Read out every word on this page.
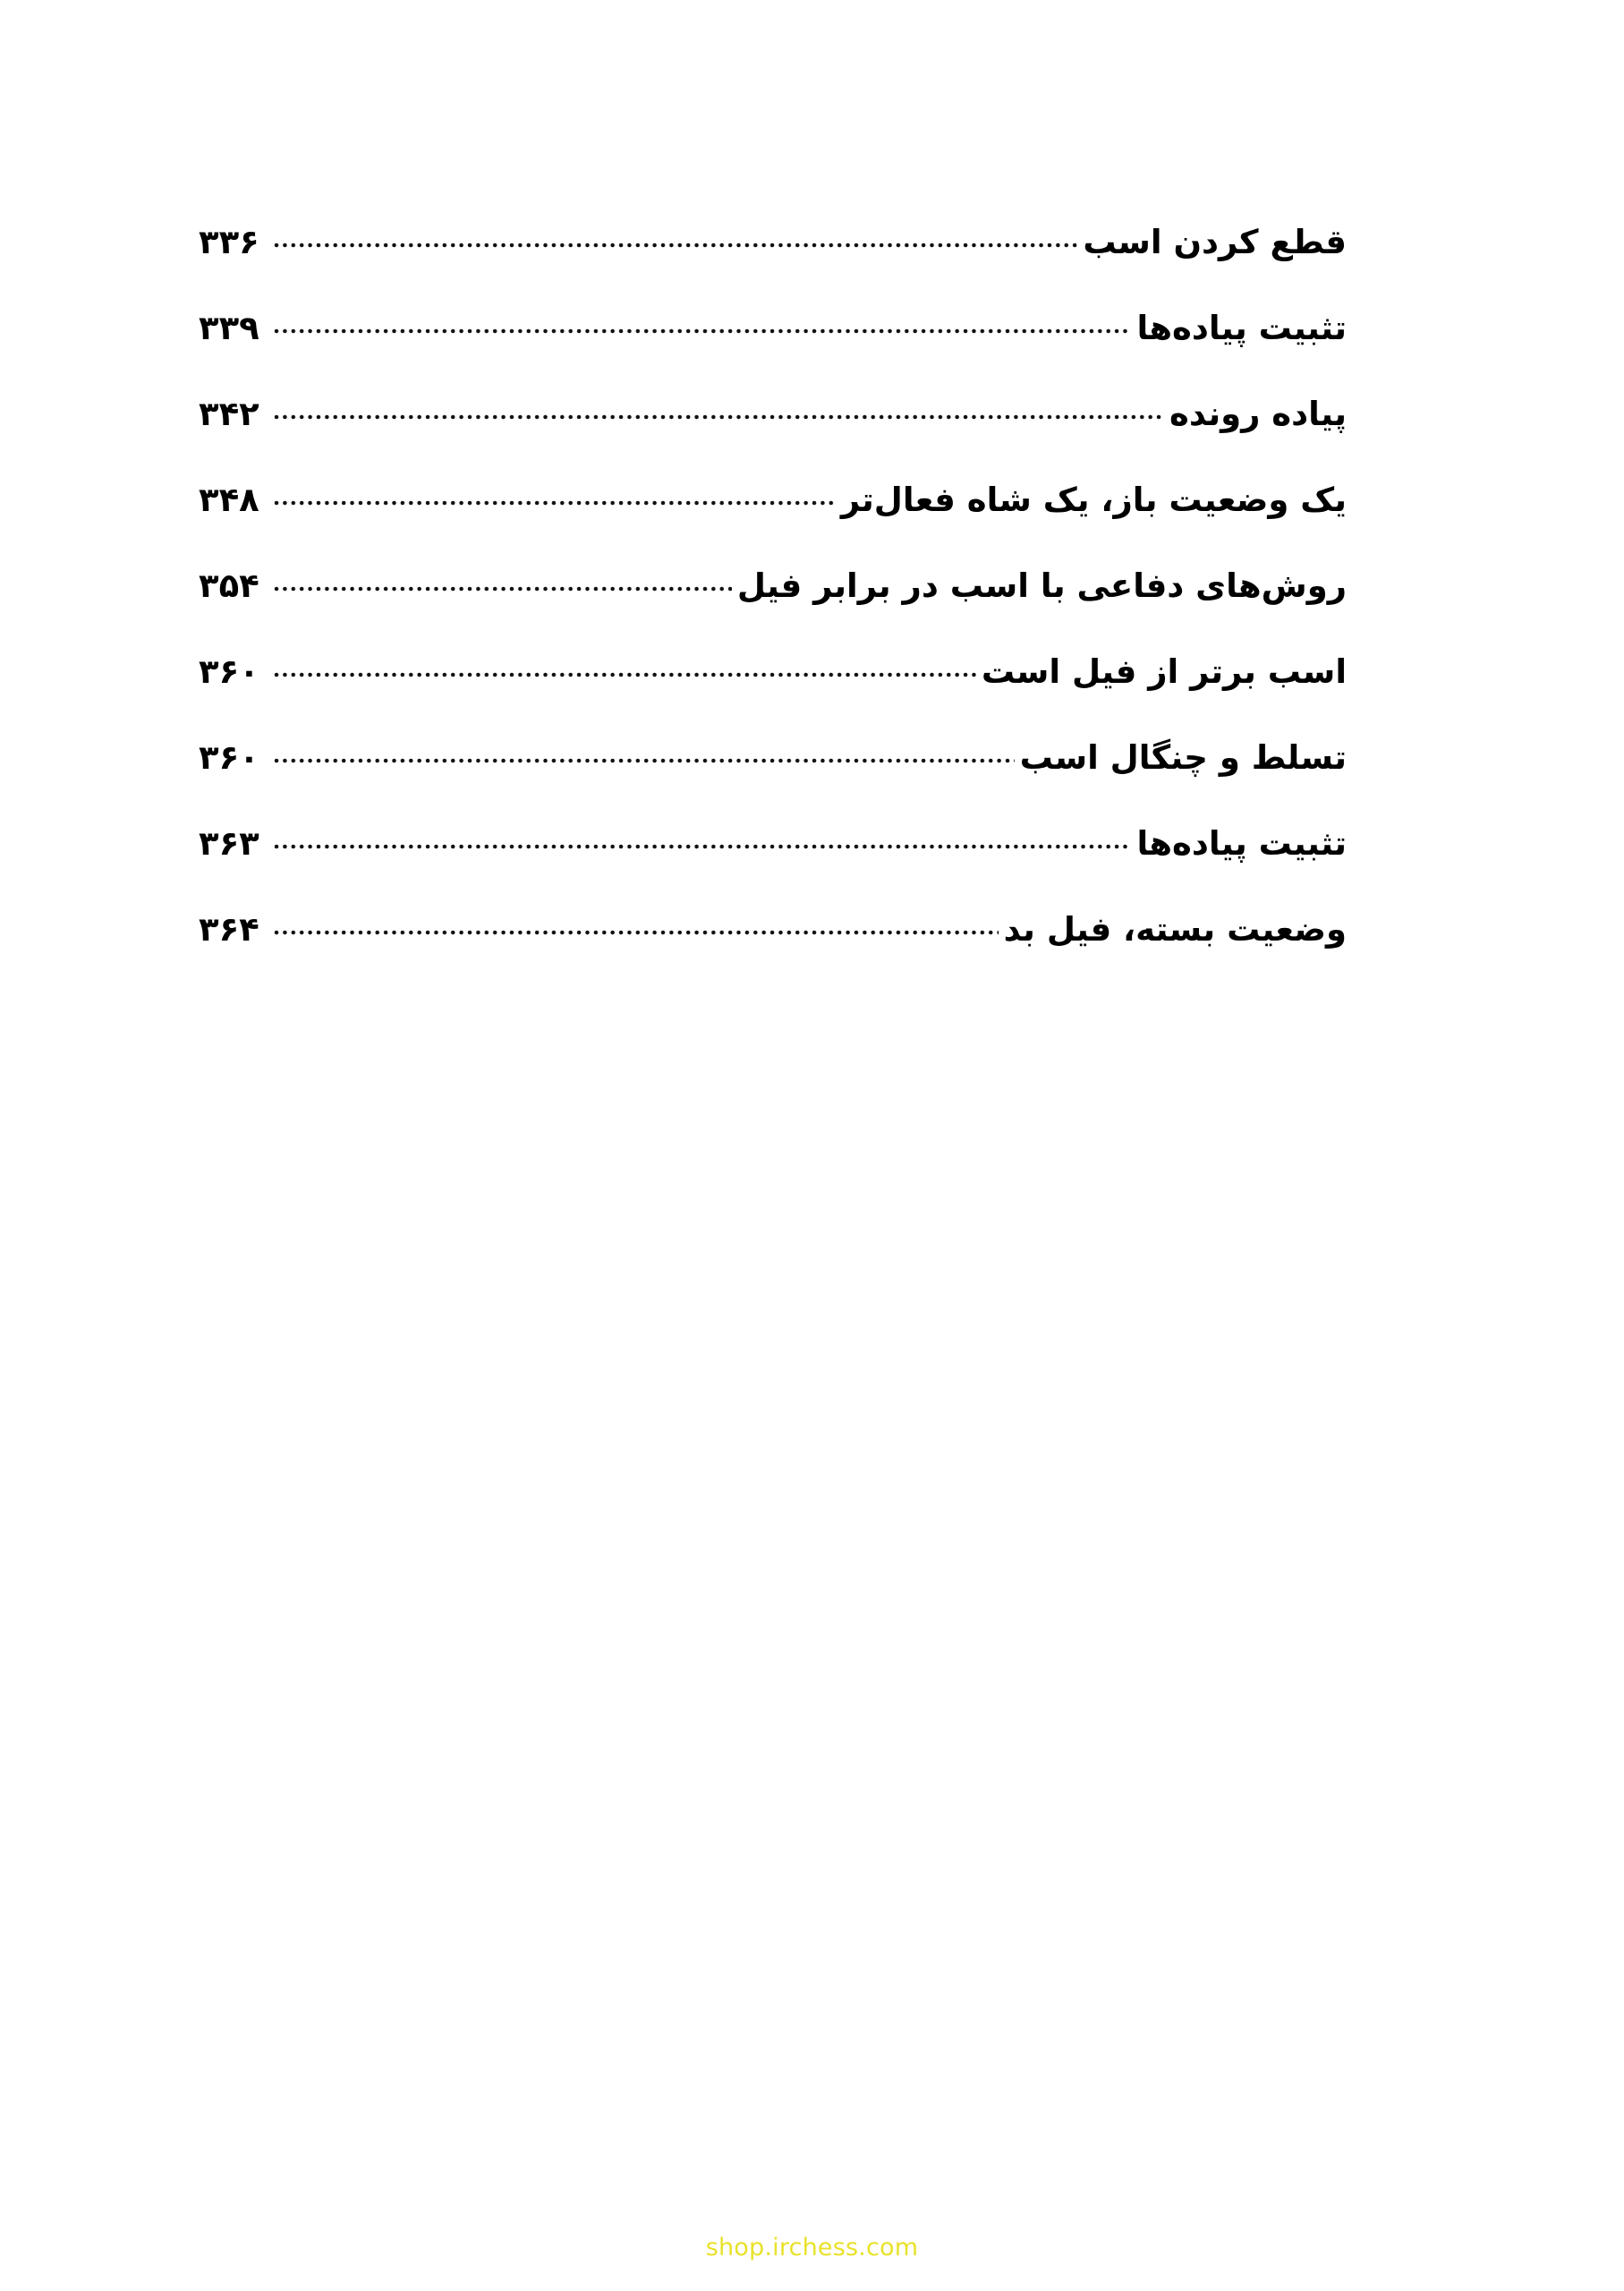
قطع کردن اسب
۳۳۶
تثبیت پیاده‌ها
۳۳۹
پیاده رونده
۳۴۲
یک وضعیت باز، یک شاه فعال‌تر
۳۴۸
روش‌های دفاعی با اسب در برابر فیل
۳۵۴
اسب برتر از فیل است
۳۶۰
تسلط و چنگال اسب
۳۶۰
تثبیت پیاده‌ها
۳۶۳
وضعیت بسته، فیل بد
۳۶۴
shop.irchess.com
